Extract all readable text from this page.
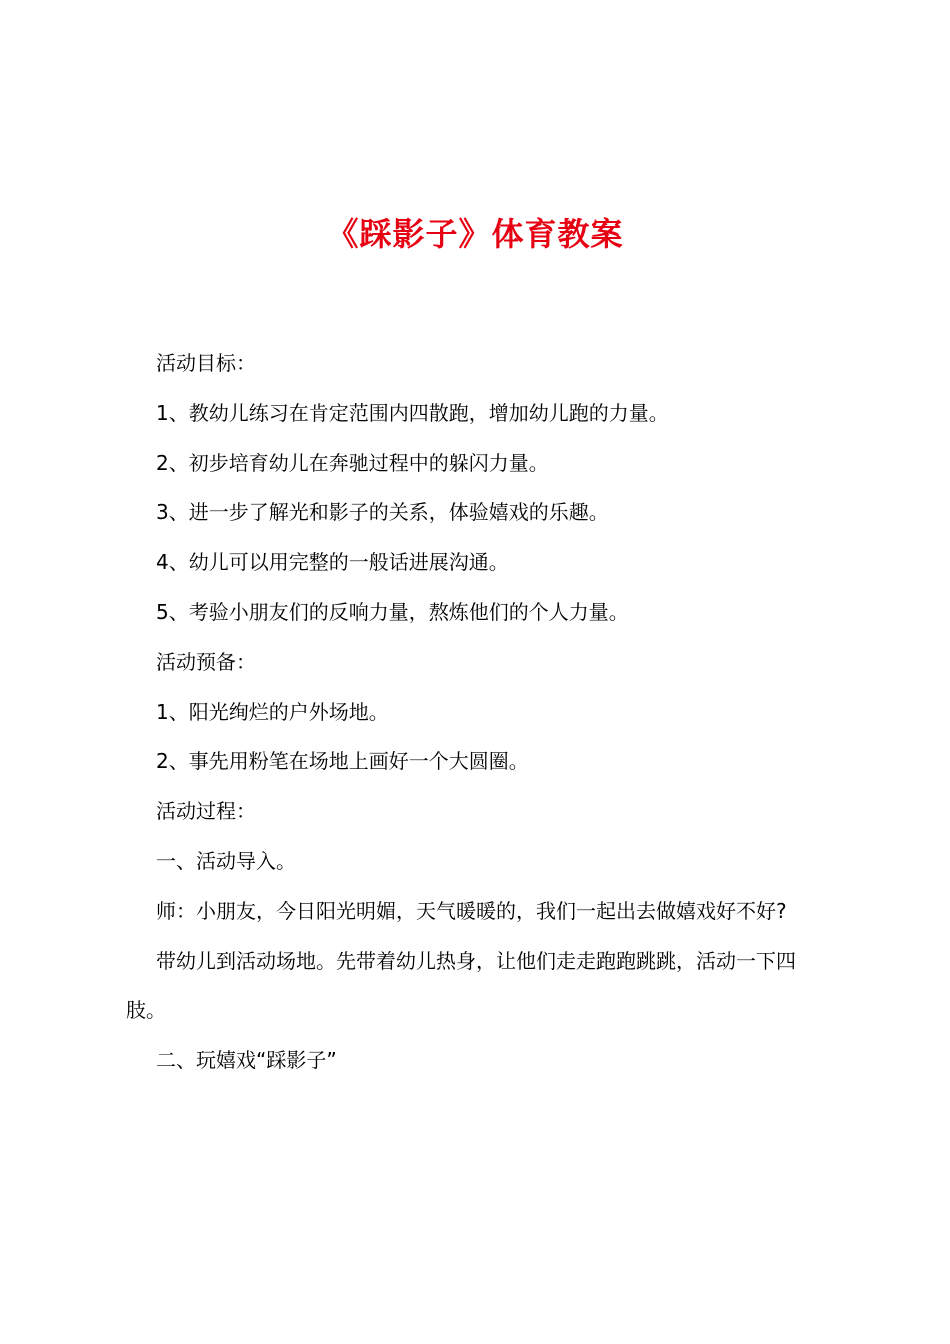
《踩影子》体育教案

活动目标：

1、教幼儿练习在肯定范围内四散跑，增加幼儿跑的力量。

2、初步培育幼儿在奔驰过程中的躲闪力量。

3、进一步了解光和影子的关系，体验嬉戏的乐趣。

4、幼儿可以用完整的一般话进展沟通。

5、考验小朋友们的反响力量，熬炼他们的个人力量。

活动预备：

1、阳光绚烂的户外场地。

2、事先用粉笔在场地上画好一个大圆圈。

活动过程：

一、活动导入。

师：小朋友，今日阳光明媚，天气暖暖的，我们一起出去做嬉戏好不好?

带幼儿到活动场地。先带着幼儿热身，让他们走走跑跑跳跳，活动一下四肢。

二、玩嬉戏“踩影子”
